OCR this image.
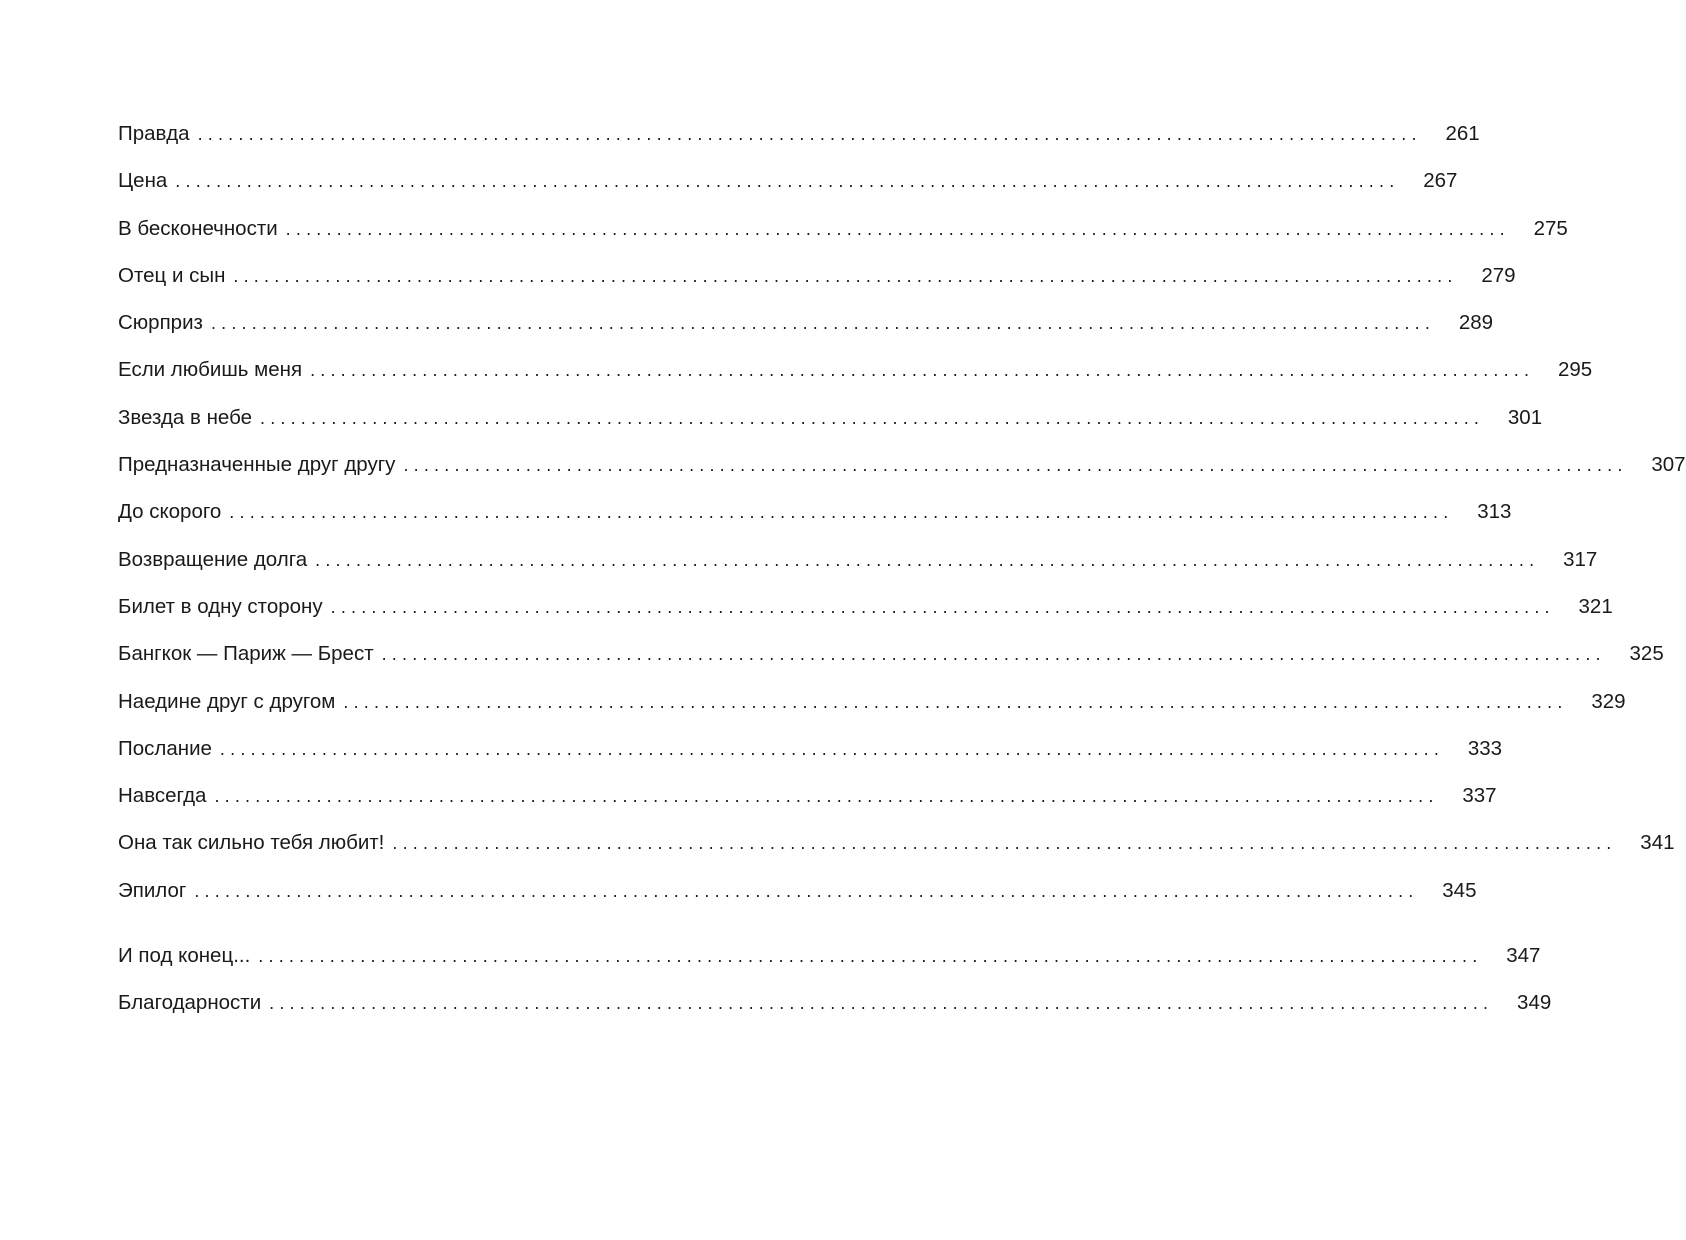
Правда ........................................................................................................................	261
Цена ........................................................................................................................	267
В бесконечности ........................................................................................................................	275
Отец и сын ........................................................................................................................	279
Сюрприз ........................................................................................................................	289
Если любишь меня ........................................................................................................................	295
Звезда в небе ........................................................................................................................	301
Предназначенные друг другу ........................................................................................................................	307
До скорого ........................................................................................................................	313
Возвращение долга ........................................................................................................................	317
Билет в одну сторону ........................................................................................................................	321
Бангкок — Париж — Брест ........................................................................................................................	325
Наедине друг с другом ........................................................................................................................	329
Послание ........................................................................................................................	333
Навсегда ........................................................................................................................	337
Она так сильно тебя любит! ........................................................................................................................	341
Эпилог ........................................................................................................................	345
И под конец... ........................................................................................................................	347
Благодарности ........................................................................................................................	349
